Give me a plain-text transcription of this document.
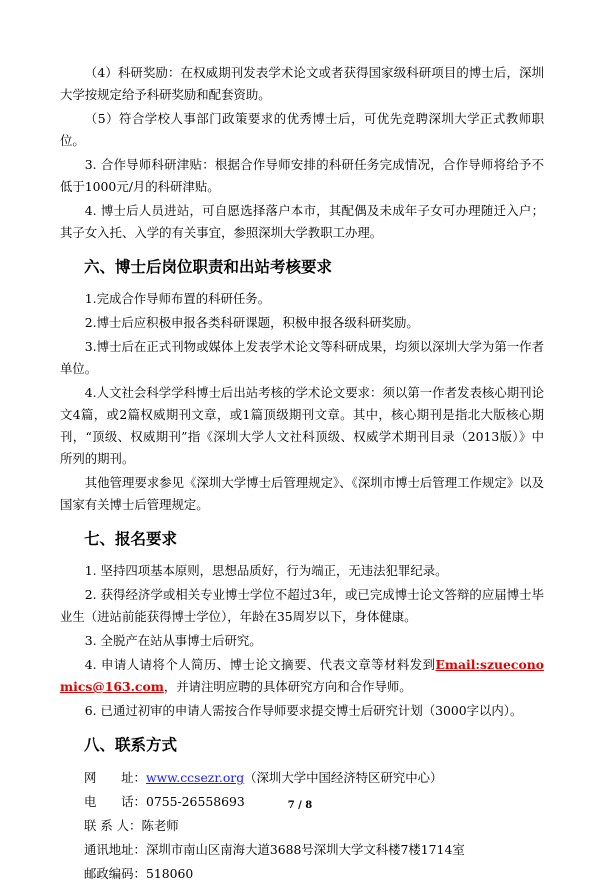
（4）科研奖励：在权威期刊发表学术论文或者获得国家级科研项目的博士后，深圳大学按规定给予科研奖励和配套资助。

（5）符合学校人事部门政策要求的优秀博士后，可优先竞聘深圳大学正式教师职位。

3. 合作导师科研津贴：根据合作导师安排的科研任务完成情况，合作导师将给予不低于1000元/月的科研津贴。

4. 博士后人员进站，可自愿选择落户本市，其配偶及未成年子女可办理随迁入户；其子女入托、入学的有关事宜，参照深圳大学教职工办理。

六、博士后岗位职责和出站考核要求

1.完成合作导师布置的科研任务。

2.博士后应积极申报各类科研课题，积极申报各级科研奖励。

3.博士后在正式刊物或媒体上发表学术论文等科研成果，均须以深圳大学为第一作者单位。

4.人文社会科学学科博士后出站考核的学术论文要求：须以第一作者发表核心期刊论文4篇，或2篇权威期刊文章，或1篇顶级期刊文章。其中，核心期刊是指北大版核心期刊，“顶级、权威期刊”指《深圳大学人文社科顶级、权威学术期刊目录（2013版）》中所列的期刊。

其他管理要求参见《深圳大学博士后管理规定》、《深圳市博士后管理工作规定》以及国家有关博士后管理规定。

七、报名要求

1. 坚持四项基本原则，思想品质好，行为端正，无违法犯罪纪录。

2. 获得经济学或相关专业博士学位不超过3年，或已完成博士论文答辩的应届博士毕业生（进站前能获得博士学位），年龄在35周岁以下，身体健康。

3. 全脱产在站从事博士后研究。

4. 申请人请将个人简历、博士论文摘要、代表文章等材料发到Email:szueconomics@163.com，并请注明应聘的具体研究方向和合作导师。

6. 已通过初审的申请人需按合作导师要求提交博士后研究计划（3000字以内）。

八、联系方式

网　　址：www.ccsezr.org（深圳大学中国经济特区研究中心）

电　　话：0755-26558693

联 系 人：陈老师

通讯地址：深圳市南山区南海大道3688号深圳大学文科楼7楼1714室

邮政编码：518060

7 / 8
